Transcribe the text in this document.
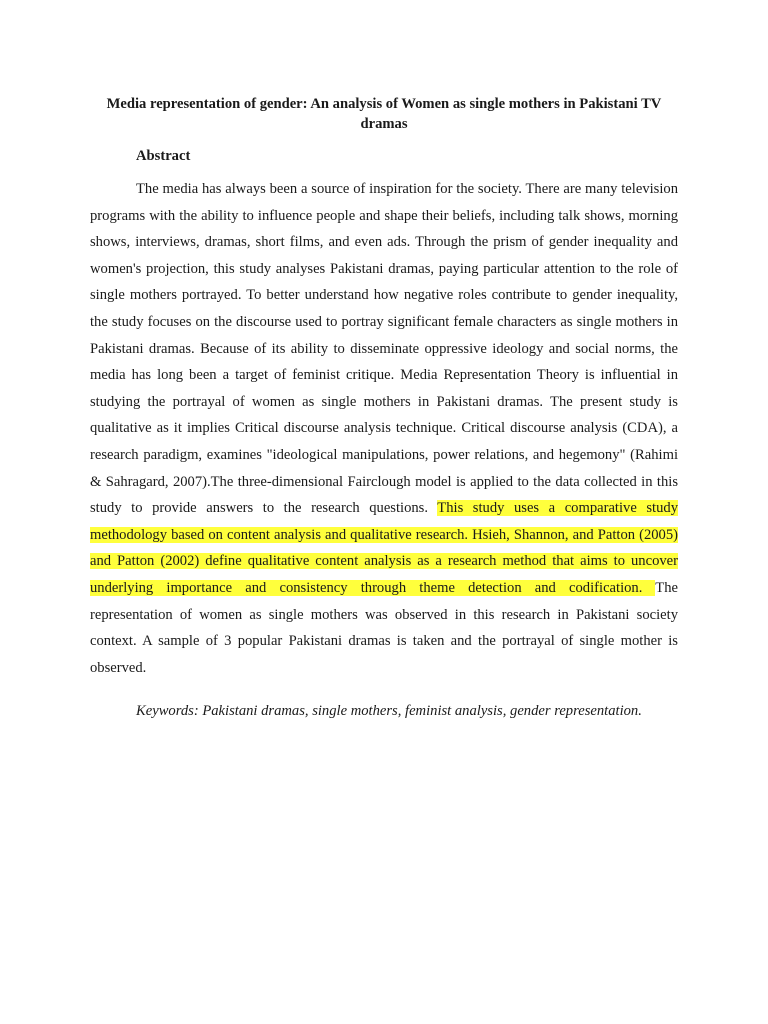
Media representation of gender: An analysis of Women as single mothers in Pakistani TV dramas
Abstract

The media has always been a source of inspiration for the society. There are many television programs with the ability to influence people and shape their beliefs, including talk shows, morning shows, interviews, dramas, short films, and even ads. Through the prism of gender inequality and women's projection, this study analyses Pakistani dramas, paying particular attention to the role of single mothers portrayed. To better understand how negative roles contribute to gender inequality, the study focuses on the discourse used to portray significant female characters as single mothers in Pakistani dramas. Because of its ability to disseminate oppressive ideology and social norms, the media has long been a target of feminist critique. Media Representation Theory is influential in studying the portrayal of women as single mothers in Pakistani dramas. The present study is qualitative as it implies Critical discourse analysis technique. Critical discourse analysis (CDA), a research paradigm, examines "ideological manipulations, power relations, and hegemony" (Rahimi & Sahragard, 2007).The three-dimensional Fairclough model is applied to the data collected in this study to provide answers to the research questions. This study uses a comparative study methodology based on content analysis and qualitative research. Hsieh, Shannon, and Patton (2005) and Patton (2002) define qualitative content analysis as a research method that aims to uncover underlying importance and consistency through theme detection and codification. The representation of women as single mothers was observed in this research in Pakistani society context. A sample of 3 popular Pakistani dramas is taken and the portrayal of single mother is observed.

Keywords: Pakistani dramas, single mothers, feminist analysis, gender representation.
